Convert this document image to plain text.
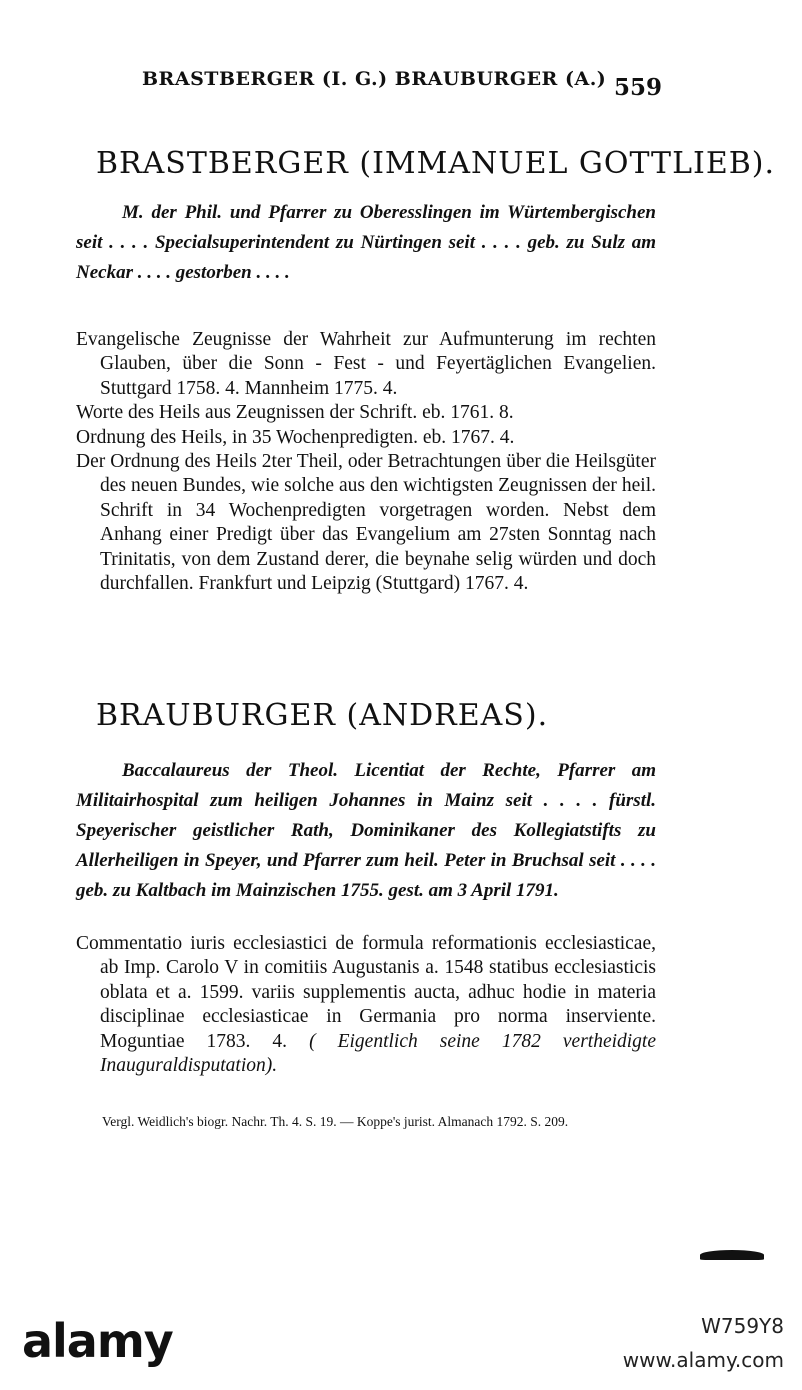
BRASTBERGER (I. G.) BRAUBURGER (A.) 559
BRASTBERGER (IMMANUEL GOTTLIEB).

M. der Phil. und Pfarrer zu Oberesslingen im Würtembergischen seit . . . . Specialsuperintendent zu Nürtingen seit . . . . geb. zu Sulz am Neckar . . . . gestorben . . . .

Evangelische Zeugnisse der Wahrheit zur Aufmunterung im rechten Glauben, über die Sonn - Fest - und Feyertäglichen Evangelien. Stuttgard 1758. 4. Mannheim 1775. 4.

Worte des Heils aus Zeugnissen der Schrift. eb. 1761. 8.

Ordnung des Heils, in 35 Wochenpredigten. eb. 1767. 4.

Der Ordnung des Heils 2ter Theil, oder Betrachtungen über die Heilsgüter des neuen Bundes, wie solche aus den wichtigsten Zeugnissen der heil. Schrift in 34 Wochenpredigten vorgetragen worden. Nebst dem Anhang einer Predigt über das Evangelium am 27sten Sonntag nach Trinitatis, von dem Zustand derer, die beynahe selig würden und doch durchfallen. Frankfurt und Leipzig (Stuttgard) 1767. 4.

BRAUBURGER (ANDREAS).

Baccalaureus der Theol. Licentiat der Rechte, Pfarrer am Militairhospital zum heiligen Johannes in Mainz seit . . . . fürstl. Speyerischer geistlicher Rath, Dominikaner des Kollegiatstifts zu Allerheiligen in Speyer, und Pfarrer zum heil. Peter in Bruchsal seit . . . . geb. zu Kaltbach im Mainzischen 1755. gest. am 3 April 1791.

Commentatio iuris ecclesiastici de formula reformationis ecclesiasticae, ab Imp. Carolo V in comitiis Augustanis a. 1548 statibus ecclesiasticis oblata et a. 1599. variis supplementis aucta, adhuc hodie in materia disciplinae ecclesiasticae in Germania pro norma inserviente. Moguntiae 1783. 4. ( Eigentlich seine 1782 vertheidigte Inauguraldisputation).

Vergl. Weidlich's biogr. Nachr. Th. 4. S. 19. — Koppe's jurist. Almanach 1792. S. 209.

alamy	W759Y8
www.alamy.com
